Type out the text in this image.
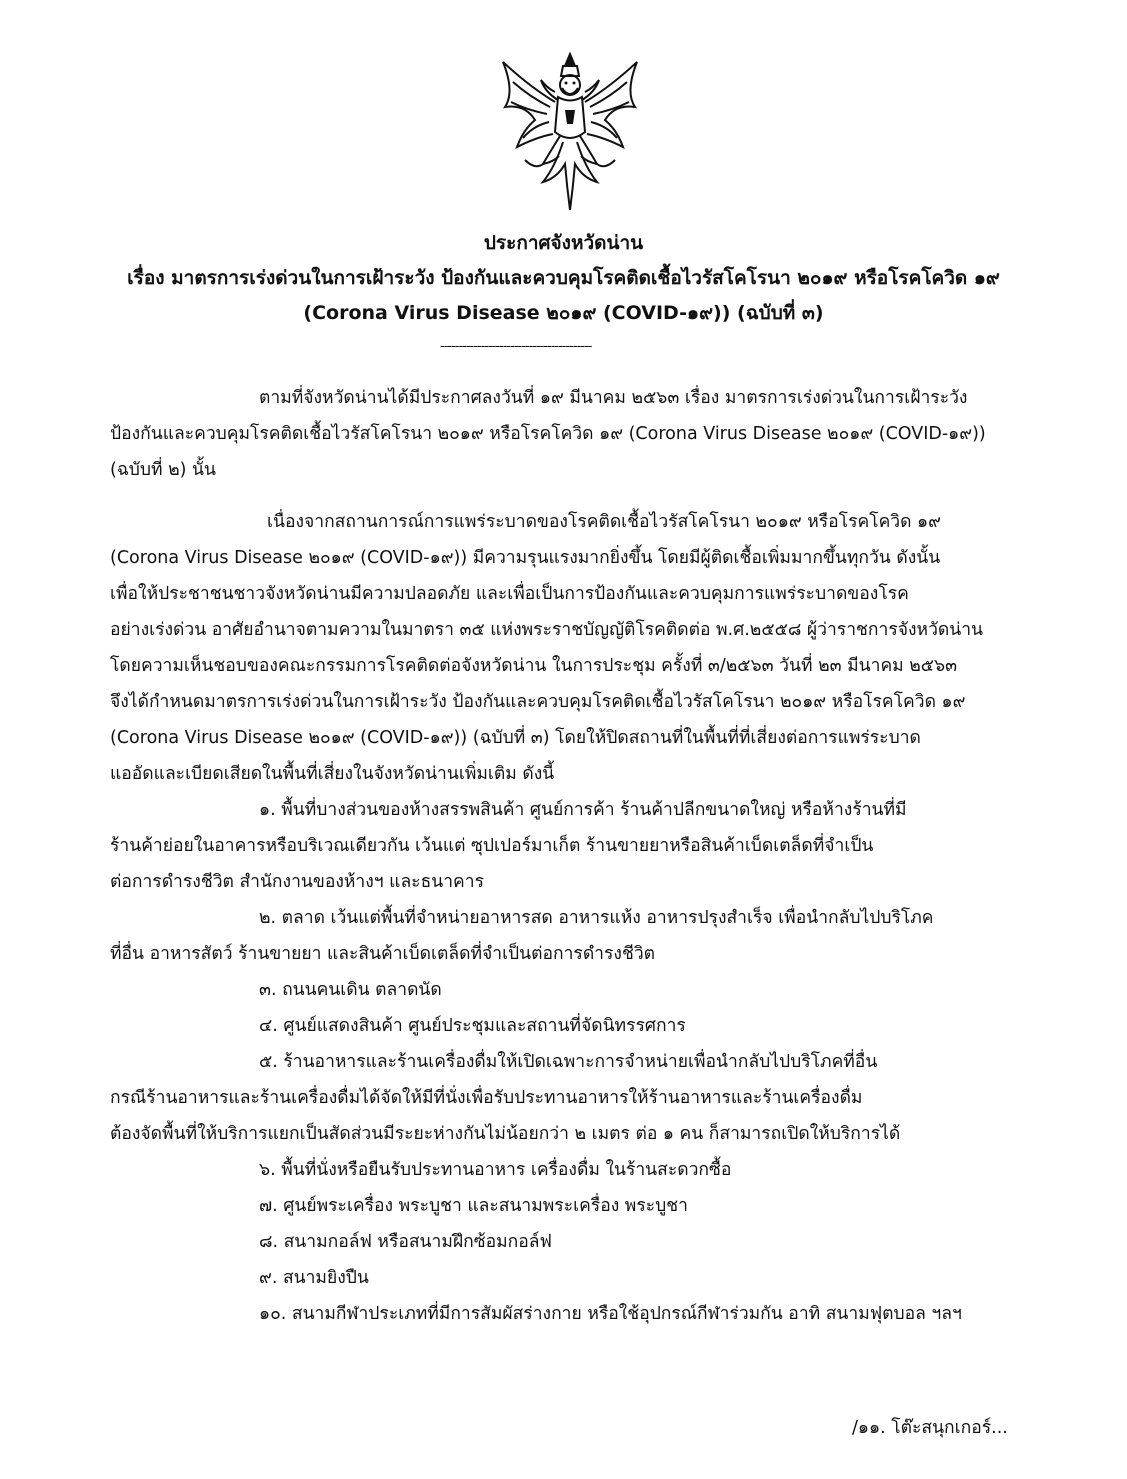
ประกาศจังหวัดน่าน
เรื่อง มาตรการเร่งด่วนในการเฝ้าระวัง ป้องกันและควบคุมโรคติดเชื้อไวรัสโคโรนา ๒๐๑๙ หรือโรคโควิด ๑๙
(Corona Virus Disease ๒๐๑๙ (COVID-๑๙)) (ฉบับที่ ๓)
-----------------------------------------
ตามที่จังหวัดน่านได้มีประกาศลงวันที่ ๑๙ มีนาคม ๒๕๖๓ เรื่อง มาตรการเร่งด่วนในการเฝ้าระวัง
ป้องกันและควบคุมโรคติดเชื้อไวรัสโคโรนา ๒๐๑๙ หรือโรคโควิด ๑๙ (Corona Virus Disease ๒๐๑๙ (COVID-๑๙))
(ฉบับที่ ๒) นั้น
เนื่องจากสถานการณ์การแพร่ระบาดของโรคติดเชื้อไวรัสโคโรนา ๒๐๑๙ หรือโรคโควิด ๑๙
(Corona Virus Disease ๒๐๑๙ (COVID-๑๙)) มีความรุนแรงมากยิ่งขึ้น โดยมีผู้ติดเชื้อเพิ่มมากขึ้นทุกวัน ดังนั้น
เพื่อให้ประชาชนชาวจังหวัดน่านมีความปลอดภัย และเพื่อเป็นการป้องกันและควบคุมการแพร่ระบาดของโรค
อย่างเร่งด่วน อาศัยอำนาจตามความในมาตรา ๓๕ แห่งพระราชบัญญัติโรคติดต่อ พ.ศ.๒๕๕๘ ผู้ว่าราชการจังหวัดน่าน
โดยความเห็นชอบของคณะกรรมการโรคติดต่อจังหวัดน่าน ในการประชุม ครั้งที่ ๓/๒๕๖๓ วันที่ ๒๓ มีนาคม ๒๕๖๓
จึงได้กำหนดมาตรการเร่งด่วนในการเฝ้าระวัง ป้องกันและควบคุมโรคติดเชื้อไวรัสโคโรนา ๒๐๑๙ หรือโรคโควิด ๑๙
(Corona Virus Disease ๒๐๑๙ (COVID-๑๙)) (ฉบับที่ ๓) โดยให้ปิดสถานที่ในพื้นที่ที่เสี่ยงต่อการแพร่ระบาด
แออัดและเบียดเสียดในพื้นที่เสี่ยงในจังหวัดน่านเพิ่มเติม ดังนี้
๑. พื้นที่บางส่วนของห้างสรรพสินค้า ศูนย์การค้า ร้านค้าปลีกขนาดใหญ่ หรือห้างร้านที่มี
ร้านค้าย่อยในอาคารหรือบริเวณเดียวกัน เว้นแต่ ซุปเปอร์มาเก็ต ร้านขายยาหรือสินค้าเบ็ดเตล็ดที่จำเป็น
ต่อการดำรงชีวิต สำนักงานของห้างฯ และธนาคาร
๒. ตลาด เว้นแต่พื้นที่จำหน่ายอาหารสด อาหารแห้ง อาหารปรุงสำเร็จ เพื่อนำกลับไปบริโภค
ที่อื่น อาหารสัตว์ ร้านขายยา และสินค้าเบ็ดเตล็ดที่จำเป็นต่อการดำรงชีวิต
๓. ถนนคนเดิน ตลาดนัด
๔. ศูนย์แสดงสินค้า ศูนย์ประชุมและสถานที่จัดนิทรรศการ
๕. ร้านอาหารและร้านเครื่องดื่มให้เปิดเฉพาะการจำหน่ายเพื่อนำกลับไปบริโภคที่อื่น
กรณีร้านอาหารและร้านเครื่องดื่มได้จัดให้มีที่นั่งเพื่อรับประทานอาหารให้ร้านอาหารและร้านเครื่องดื่ม
ต้องจัดพื้นที่ให้บริการแยกเป็นสัดส่วนมีระยะห่างกันไม่น้อยกว่า ๒ เมตร ต่อ ๑ คน ก็สามารถเปิดให้บริการได้
๖. พื้นที่นั่งหรือยืนรับประทานอาหาร เครื่องดื่ม ในร้านสะดวกซื้อ
๗. ศูนย์พระเครื่อง พระบูชา และสนามพระเครื่อง พระบูชา
๘. สนามกอล์ฟ หรือสนามฝึกซ้อมกอล์ฟ
๙. สนามยิงปืน
๑๐. สนามกีฬาประเภทที่มีการสัมผัสร่างกาย หรือใช้อุปกรณ์กีฬาร่วมกัน อาทิ สนามฟุตบอล ฯลฯ
/๑๑. โต๊ะสนุกเกอร์...
